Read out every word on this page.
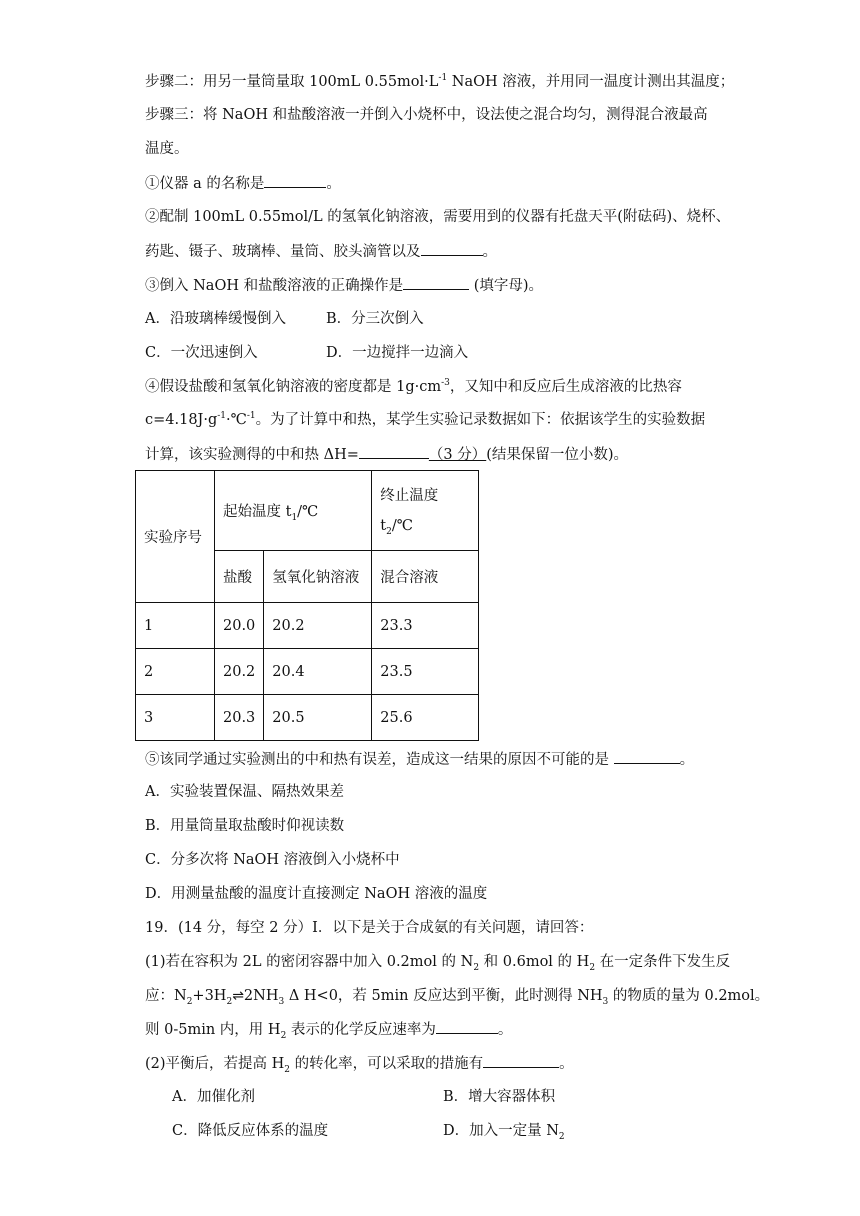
步骤二：用另一量筒量取 100mL $0.55mol\cdot L^{-1}$ NaOH 溶液，并用同一温度计测出其温度；
步骤三：将 NaOH 和盐酸溶液一并倒入小烧杯中，设法使之混合均匀，测得混合液最高
温度。
①仪器 a 的名称是	。
②配制 100mL 0.55mol/L 的氢氧化钠溶液，需要用到的仪器有托盘天平(附砝码)、烧杯、
药匙、镊子、玻璃棒、量筒、胶头滴管以及	。
③倒入 NaOH 和盐酸溶液的正确操作是	(填字母)。
A．沿玻璃棒缓慢倒入	B．分三次倒入
C．一次迅速倒入	D．一边搅拌一边滴入
④假设盐酸和氢氧化钠溶液的密度都是 $1g\cdot cm^{-3}$，又知中和反应后生成溶液的比热容
$c=4.18J\cdot g^{-1}\cdot℃^{-1}$。为了计算中和热，某学生实验记录数据如下：依据该学生的实验数据
计算，该实验测得的中和热 ΔH=	（3 分）(结果保留一位小数)。
实验序号	起始温度 $t_1/℃$		终止温度
$t_2/℃$
	盐酸	氢氧化钠溶液	混合溶液
1	20.0	20.2	23.3
2	20.2	20.4	23.5
3	20.3	20.5	25.6
⑤该同学通过实验测出的中和热有误差，造成这一结果的原因不可能的是	。
A．实验装置保温、隔热效果差
B．用量筒量取盐酸时仰视读数
C．分多次将 NaOH 溶液倒入小烧杯中
D．用测量盐酸的温度计直接测定 NaOH 溶液的温度
19．(14 分，每空 2 分）Ⅰ．以下是关于合成氨的有关问题，请回答：
(1)若在容积为 2L 的密闭容器中加入 0.2mol 的 $N_2$ 和 0.6mol 的 $H_2$ 在一定条件下发生反
应：$N_2+3H_2\rightleftharpoons 2NH_3$ Δ H<0，若 5min 反应达到平衡，此时测得 $NH_3$ 的物质的量为 0.2mol。
则 0-5min 内，用 $H_2$ 表示的化学反应速率为	。
(2)平衡后，若提高 $H_2$ 的转化率，可以采取的措施有	。
A．加催化剂	B．增大容器体积
C．降低反应体系的温度	D．加入一定量 $N_2$
